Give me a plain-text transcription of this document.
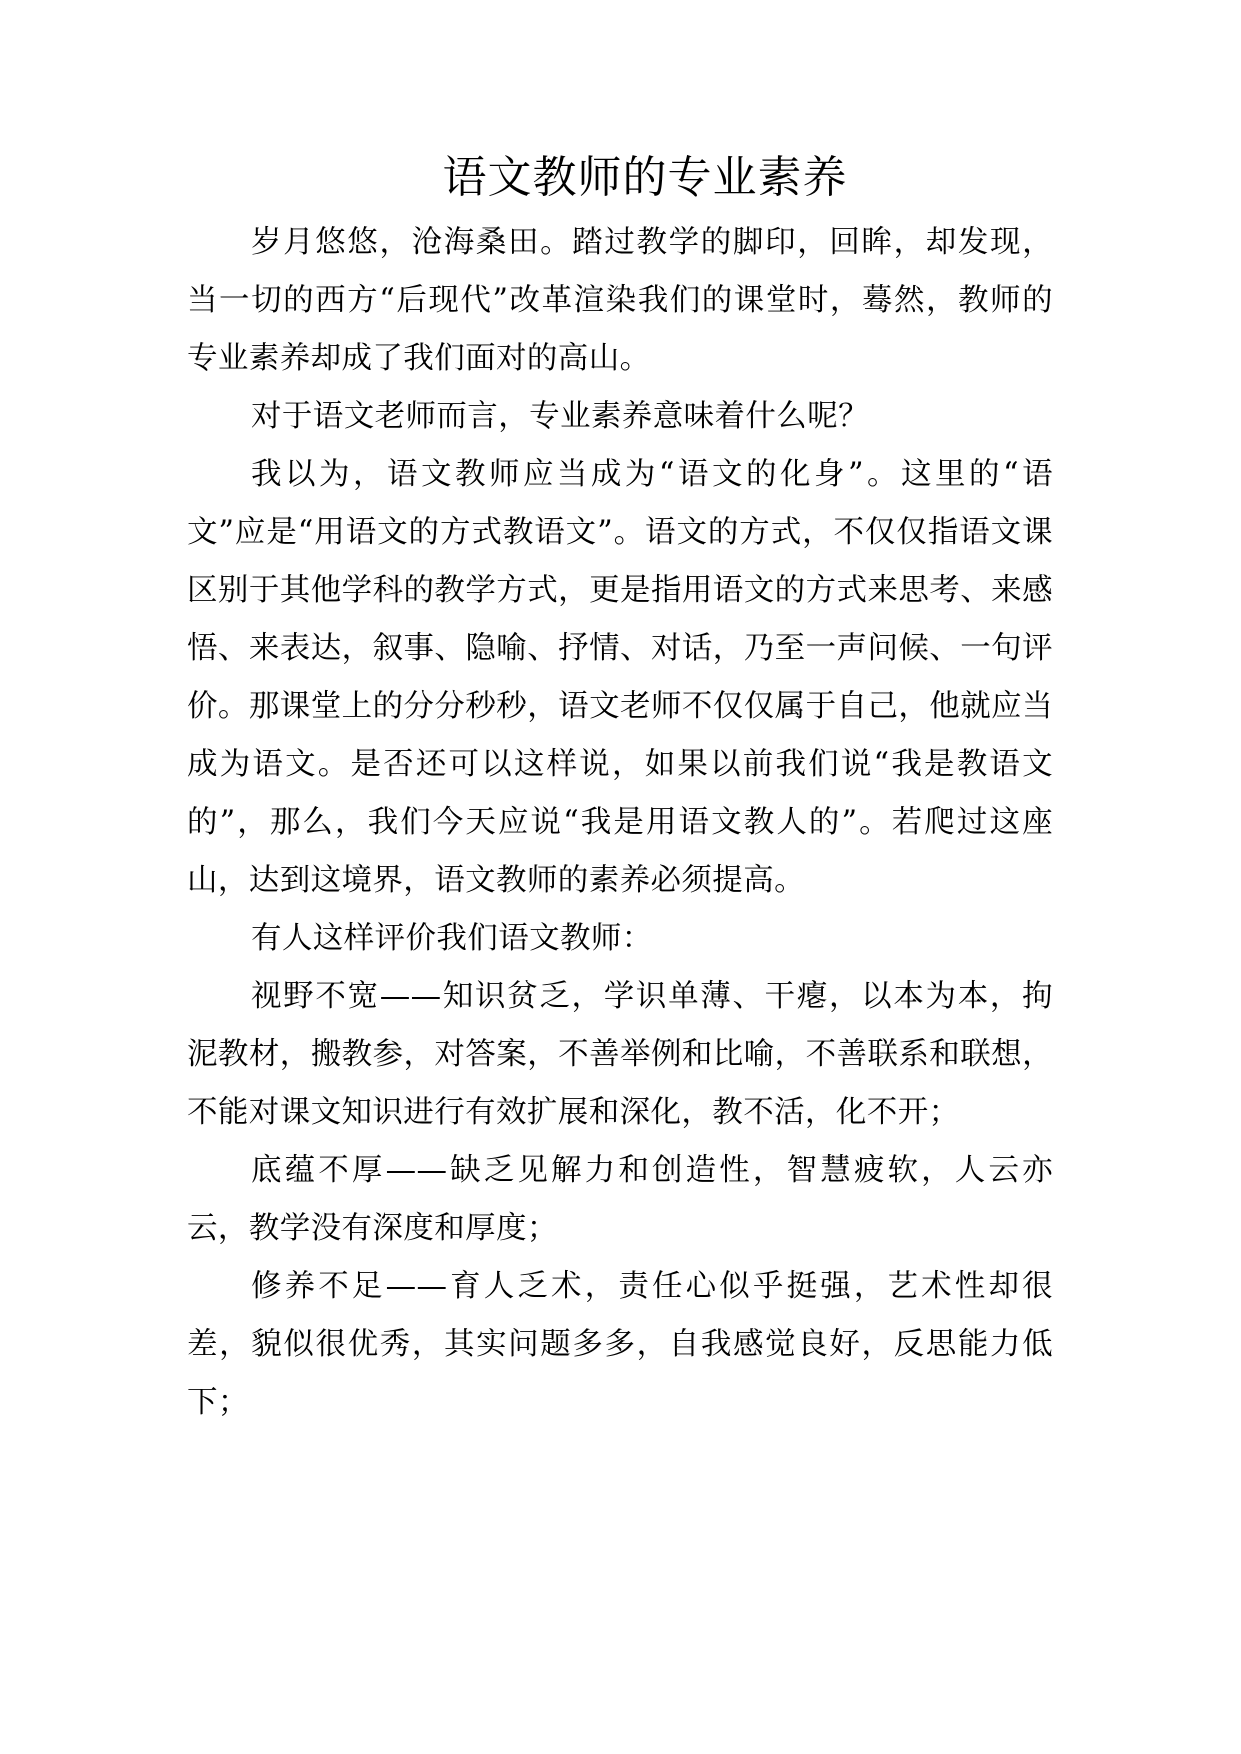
语文教师的专业素养

岁月悠悠，沧海桑田。踏过教学的脚印，回眸，却发现，当一切的西方“后现代”改革渲染我们的课堂时，蓦然，教师的专业素养却成了我们面对的高山。

对于语文老师而言，专业素养意味着什么呢？

我以为，语文教师应当成为“语文的化身”。这里的“语文”应是“用语文的方式教语文”。语文的方式，不仅仅指语文课区别于其他学科的教学方式，更是指用语文的方式来思考、来感悟、来表达，叙事、隐喻、抒情、对话，乃至一声问候、一句评价。那课堂上的分分秒秒，语文老师不仅仅属于自己，他就应当成为语文。是否还可以这样说，如果以前我们说“我是教语文的”，那么，我们今天应说“我是用语文教人的”。若爬过这座山，达到这境界，语文教师的素养必须提高。

有人这样评价我们语文教师：

视野不宽——知识贫乏，学识单薄、干瘪，以本为本，拘泥教材，搬教参，对答案，不善举例和比喻，不善联系和联想，不能对课文知识进行有效扩展和深化，教不活，化不开；

底蕴不厚——缺乏见解力和创造性，智慧疲软，人云亦云，教学没有深度和厚度；

修养不足——育人乏术，责任心似乎挺强，艺术性却很差，貌似很优秀，其实问题多多，自我感觉良好，反思能力低下；
